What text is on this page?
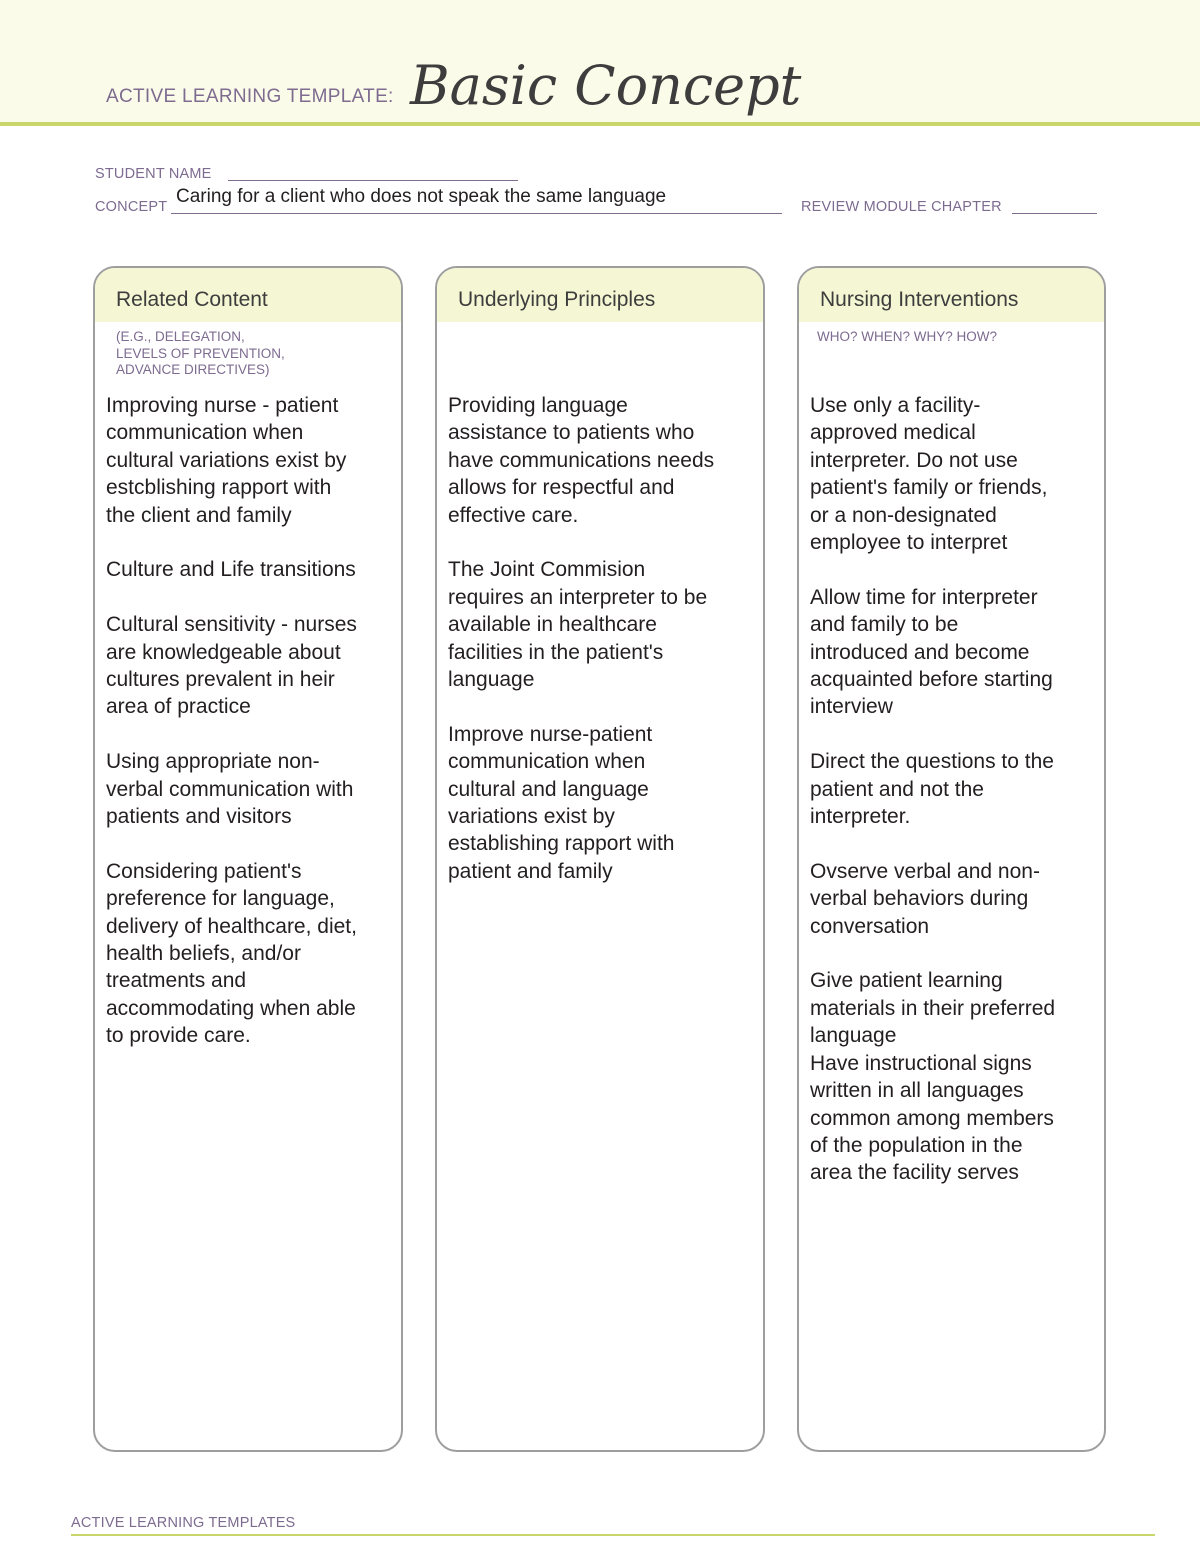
ACTIVE LEARNING TEMPLATE: Basic Concept
STUDENT NAME
CONCEPT Caring for a client who does not speak the same language	REVIEW MODULE CHAPTER
Related Content
(E.G., DELEGATION,
LEVELS OF PREVENTION,
ADVANCE DIRECTIVES)
Improving nurse - patient
communication when
cultural variations exist by
estcblishing rapport with
the client and family
Culture and Life transitions
Cultural sensitivity - nurses
are knowledgeable about
cultures prevalent in heir
area of practice
Using appropriate non-
verbal communication with
patients and visitors
Considering patient's
preference for language,
delivery of healthcare, diet,
health beliefs, and/or
treatments and
accommodating when able
to provide care.
Underlying Principles
Providing language
assistance to patients who
have communications needs
allows for respectful and
effective care.
The Joint Commision
requires an interpreter to be
available in healthcare
facilities in the patient's
language
Improve nurse-patient
communication when
cultural and language
variations exist by
establishing rapport with
patient and family
Nursing Interventions
WHO? WHEN? WHY? HOW?
Use only a facility-
approved medical
interpreter. Do not use
patient's family or friends,
or a non-designated
employee to interpret
Allow time for interpreter
and family to be
introduced and become
acquainted before starting
interview
Direct the questions to the
patient and not the
interpreter.
Ovserve verbal and non-
verbal behaviors during
conversation
Give patient learning
materials in their preferred
language
Have instructional signs
written in all languages
common among members
of the population in the
area the facility serves
ACTIVE LEARNING TEMPLATES
